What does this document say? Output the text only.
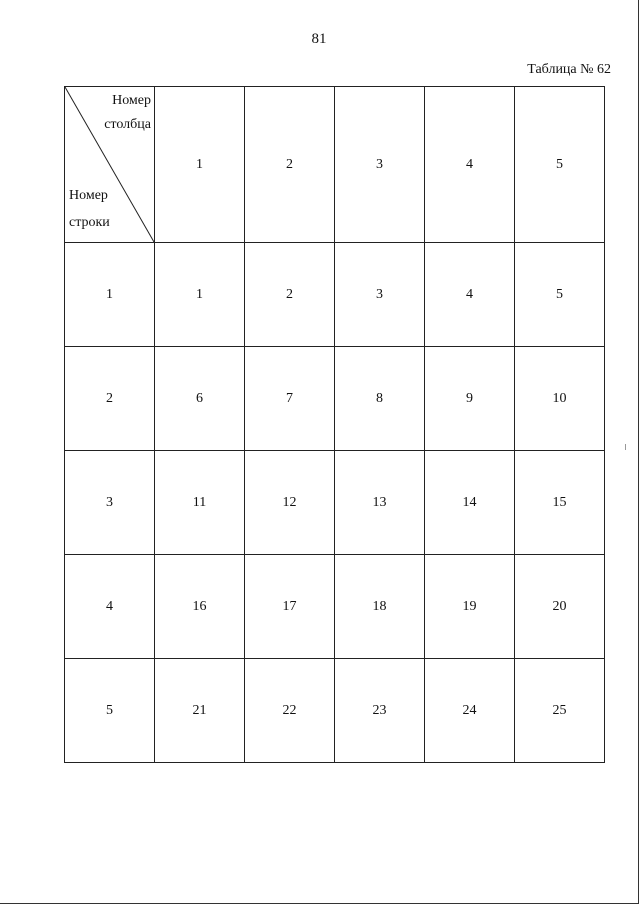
81
Таблица № 62
Номер
столбца
Номер
строки	1	2	3	4	5
1	1	2	3	4	5
2	6	7	8	9	10
3	11	12	13	14	15
4	16	17	18	19	20
5	21	22	23	24	25
